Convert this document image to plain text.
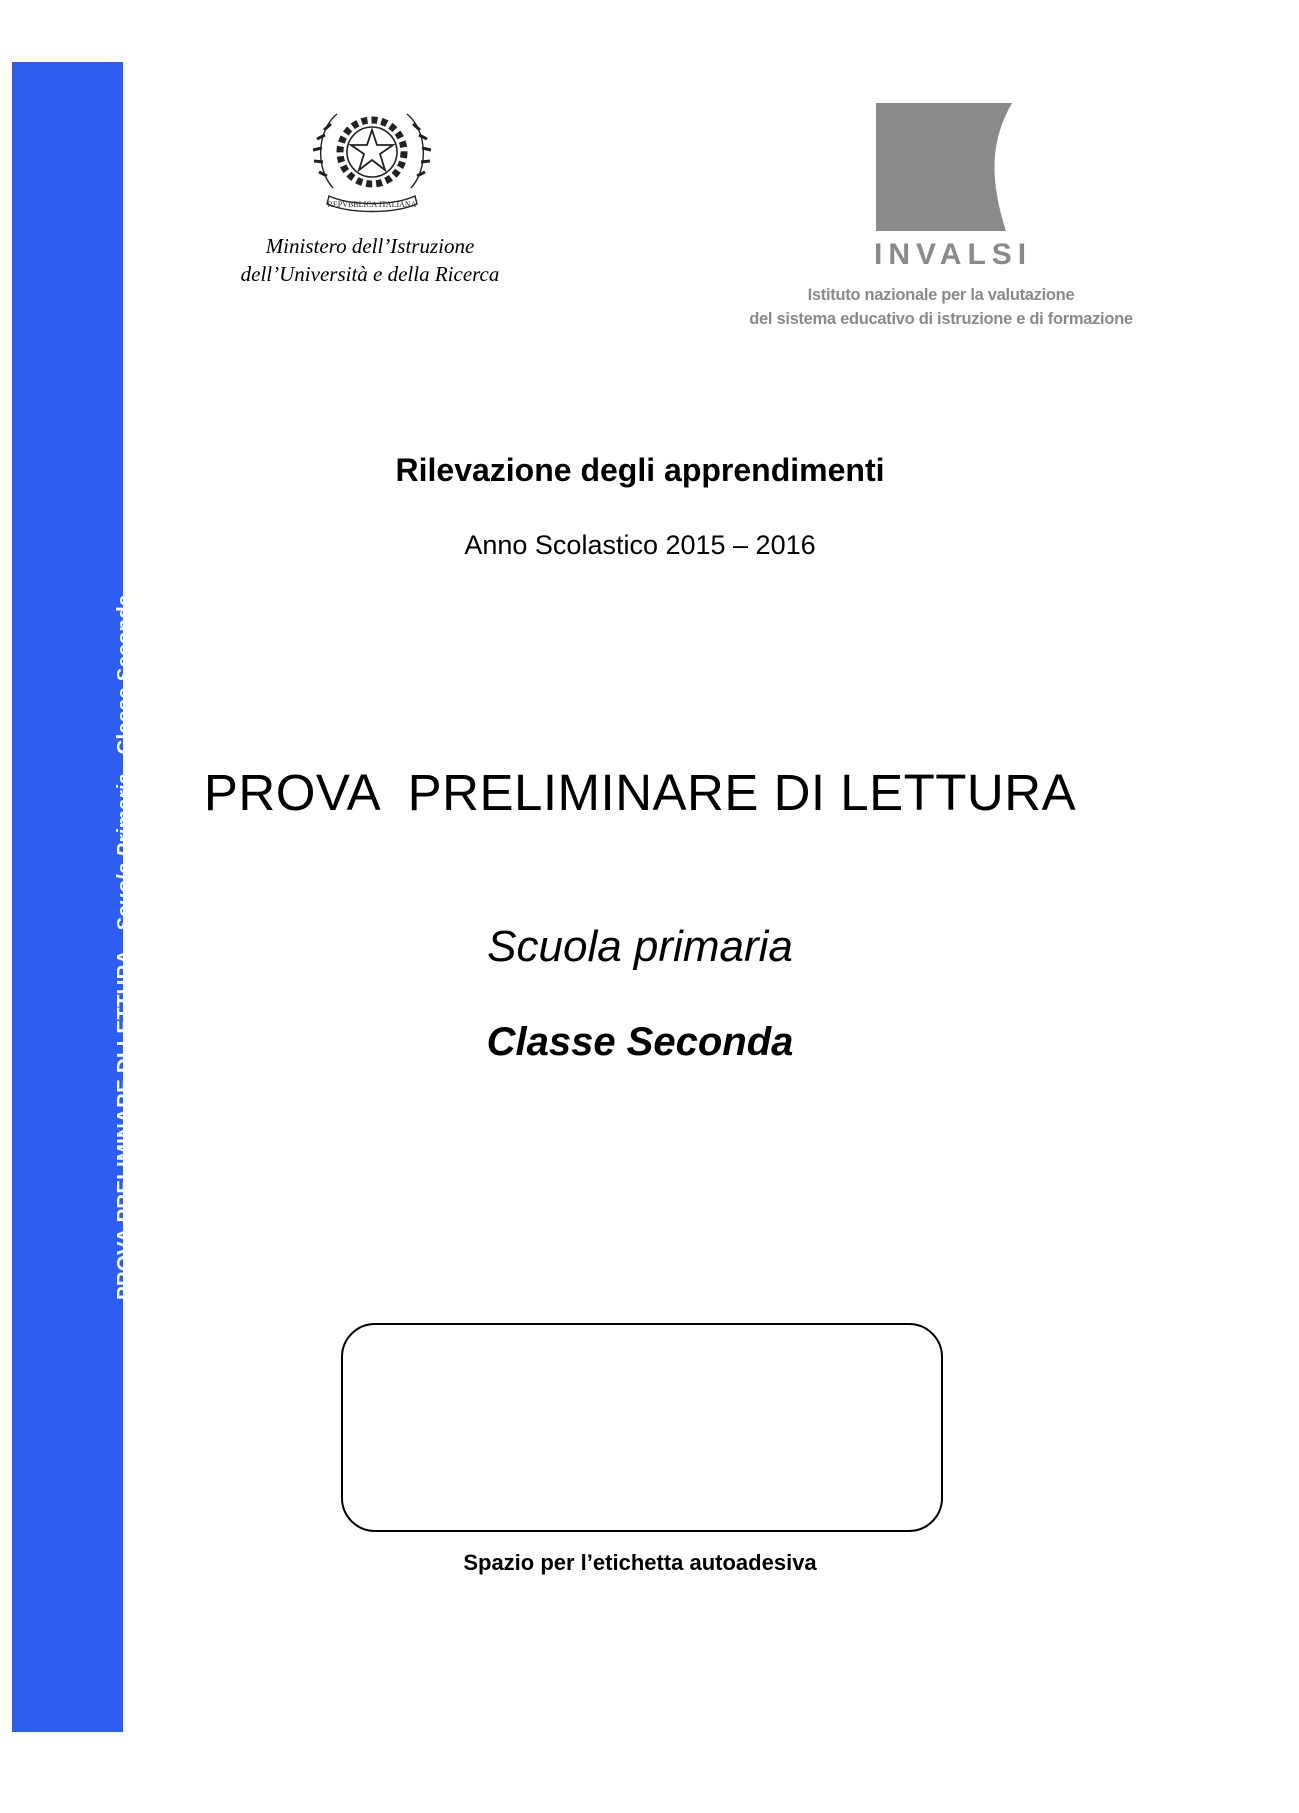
PROVA PRELIMINARE DI LETTURA - Scuola Primaria - Classe Seconda
REPVBBLICA ITALIANA
Ministero dell’Istruzione
dell’Università e della Ricerca
INVALSI
Istituto nazionale per la valutazione
del sistema educativo di istruzione e di formazione
Rilevazione degli apprendimenti
Anno Scolastico 2015 – 2016
PROVA  PRELIMINARE DI LETTURA
Scuola primaria
Classe Seconda
Spazio per l’etichetta autoadesiva
